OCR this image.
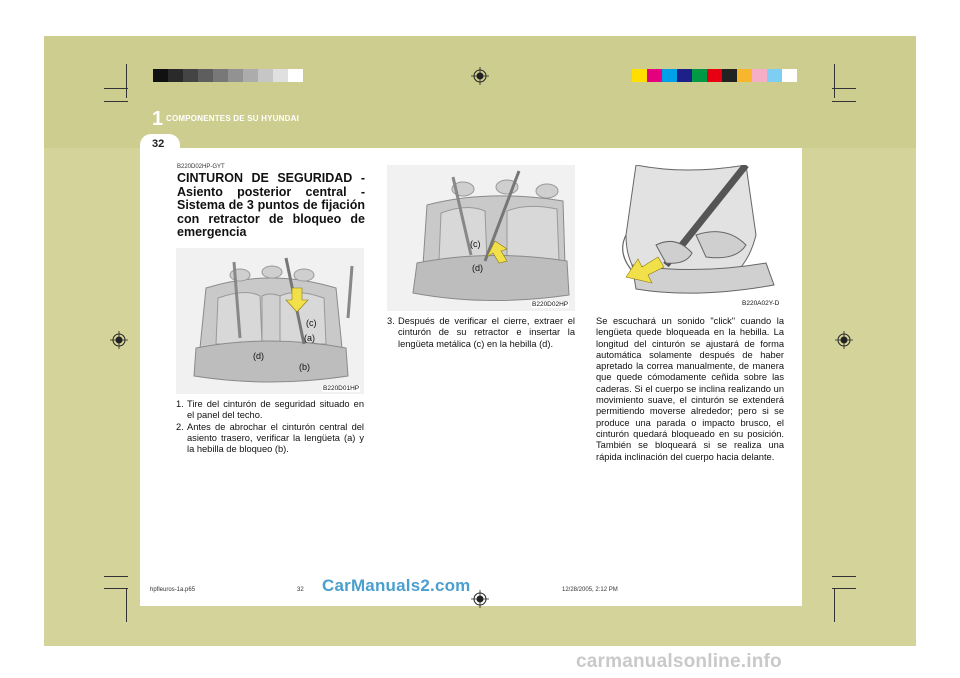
1 COMPONENTES DE SU HYUNDAI
32
B220D02HP-GYT
CINTURON DE SEGURIDAD - Asiento posterior central - Sistema de 3 puntos de fijación con retractor de bloqueo de emergencia
(c)
(a)
(d)
(b)
B220D01HP
(c)
(d)
B220D02HP	B220A02Y-D
1. Tire del cinturón de seguridad situado en el panel del techo.
2. Antes de abrochar el cinturón central del asiento trasero, verificar la lengüeta (a) y la hebilla de bloqueo (b).
3. Después de verificar el cierre, extraer el cinturón de su retractor e insertar la lengüeta metálica (c) en la hebilla (d).
Se escuchará un sonido "click" cuando la lengüeta quede bloqueada en la hebilla. La longitud del cinturón se ajustará de forma automática solamente después de haber apretado la correa manualmente, de manera que quede cómodamente ceñida sobre las caderas. Si el cuerpo se inclina realizando un movimiento suave, el cinturón se extenderá permitiendo moverse alrededor; pero si se produce una parada o impacto brusco, el cinturón quedará bloqueado en su posición. También se bloqueará si se realiza una rápida inclinación del cuerpo hacia delante.
hpfleuros-1a.p65	32	12/28/2005, 2:12 PM
CarManuals2.com
carmanualsonline.info
